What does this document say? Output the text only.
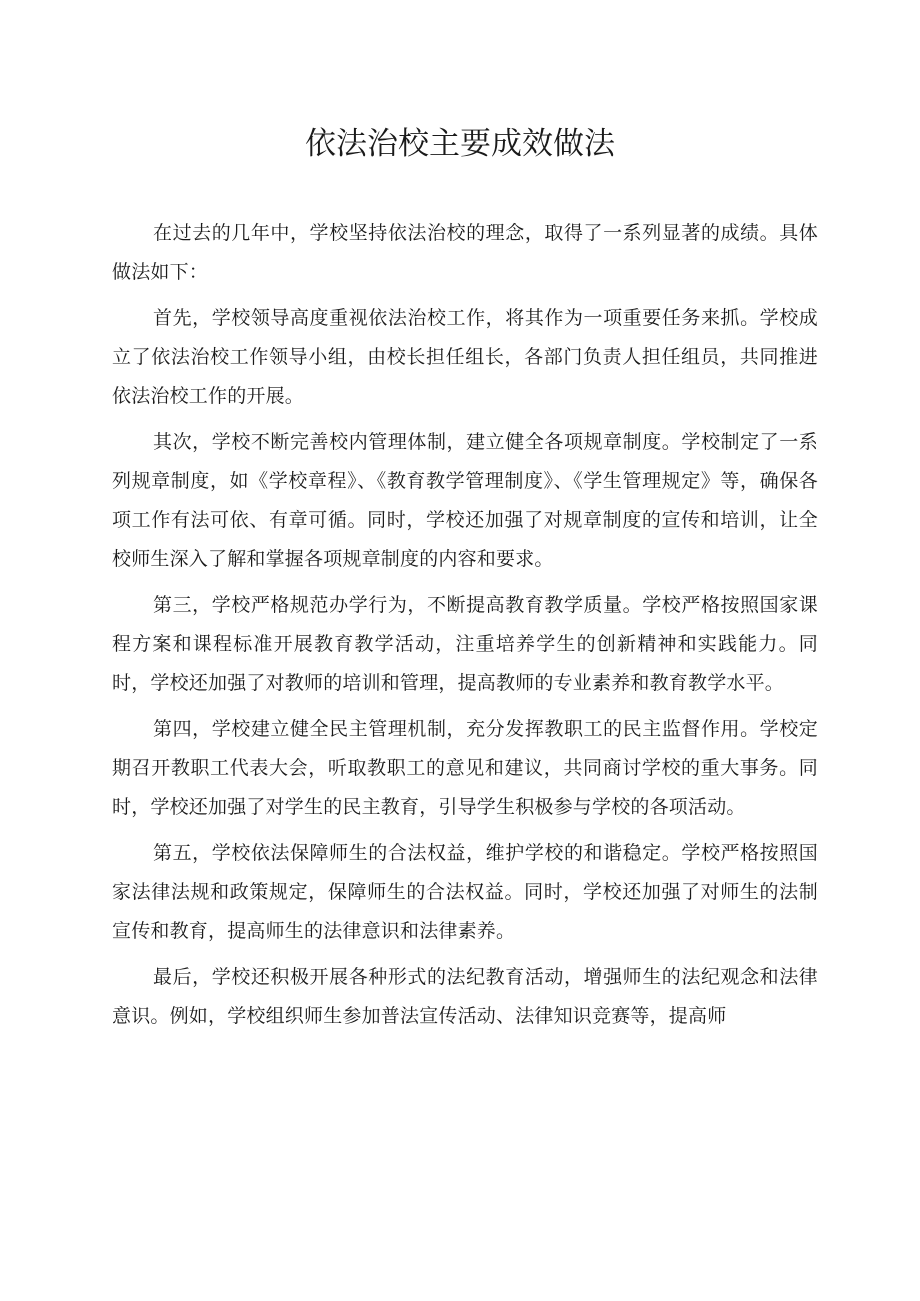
依法治校主要成效做法

在过去的几年中，学校坚持依法治校的理念，取得了一系列显著的成绩。具体做法如下：

首先，学校领导高度重视依法治校工作，将其作为一项重要任务来抓。学校成立了依法治校工作领导小组，由校长担任组长，各部门负责人担任组员，共同推进依法治校工作的开展。

其次，学校不断完善校内管理体制，建立健全各项规章制度。学校制定了一系列规章制度，如《学校章程》、《教育教学管理制度》、《学生管理规定》等，确保各项工作有法可依、有章可循。同时，学校还加强了对规章制度的宣传和培训，让全校师生深入了解和掌握各项规章制度的内容和要求。

第三，学校严格规范办学行为，不断提高教育教学质量。学校严格按照国家课程方案和课程标准开展教育教学活动，注重培养学生的创新精神和实践能力。同时，学校还加强了对教师的培训和管理，提高教师的专业素养和教育教学水平。

第四，学校建立健全民主管理机制，充分发挥教职工的民主监督作用。学校定期召开教职工代表大会，听取教职工的意见和建议，共同商讨学校的重大事务。同时，学校还加强了对学生的民主教育，引导学生积极参与学校的各项活动。

第五，学校依法保障师生的合法权益，维护学校的和谐稳定。学校严格按照国家法律法规和政策规定，保障师生的合法权益。同时，学校还加强了对师生的法制宣传和教育，提高师生的法律意识和法律素养。

最后，学校还积极开展各种形式的法纪教育活动，增强师生的法纪观念和法律意识。例如，学校组织师生参加普法宣传活动、法律知识竞赛等，提高师
